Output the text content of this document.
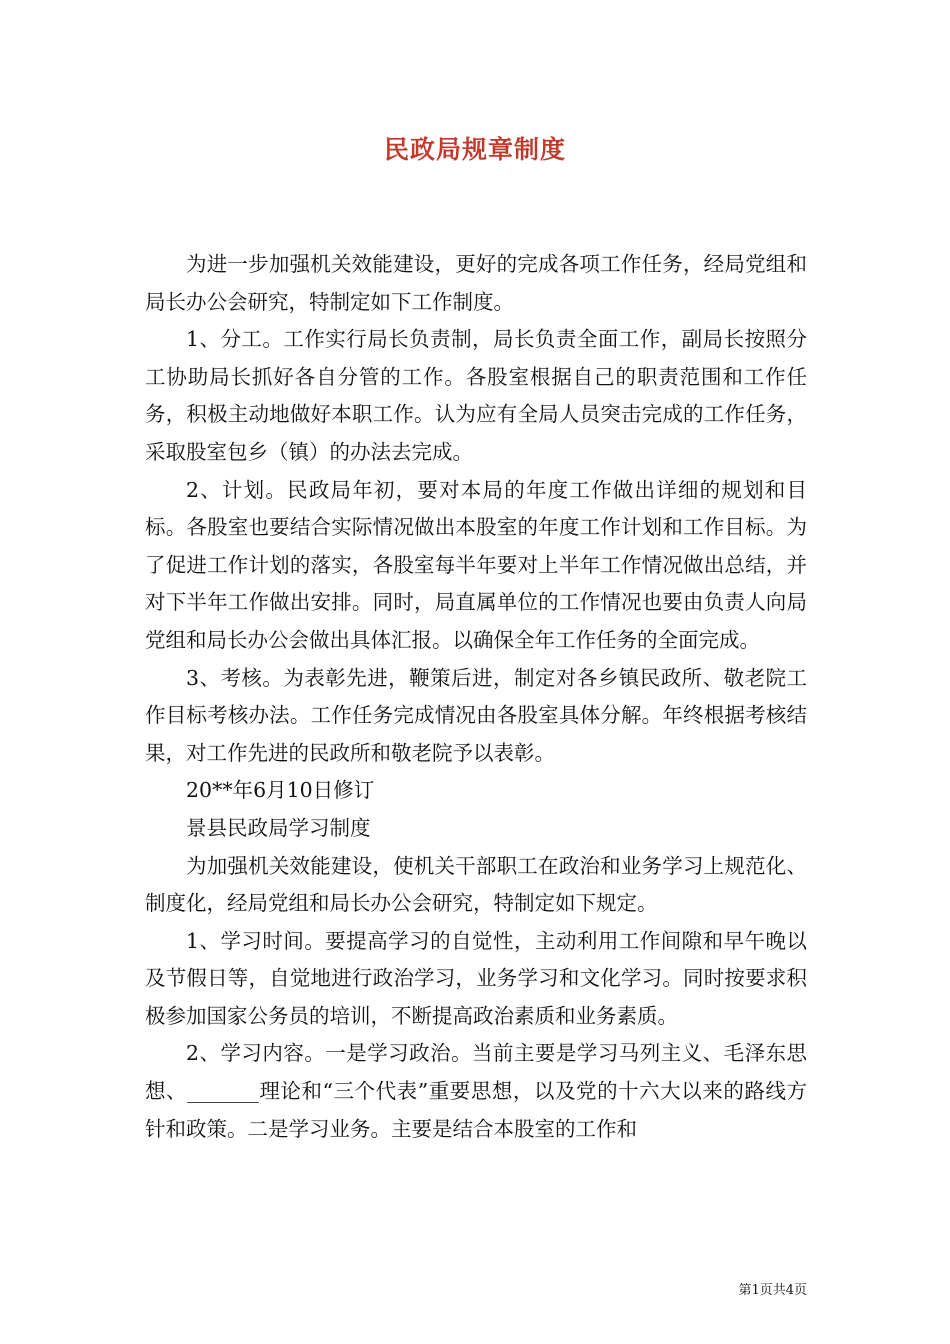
民政局规章制度

为进一步加强机关效能建设，更好的完成各项工作任务，经局党组和局长办公会研究，特制定如下工作制度。

1、分工。工作实行局长负责制，局长负责全面工作，副局长按照分工协助局长抓好各自分管的工作。各股室根据自己的职责范围和工作任务，积极主动地做好本职工作。认为应有全局人员突击完成的工作任务，采取股室包乡（镇）的办法去完成。

2、计划。民政局年初，要对本局的年度工作做出详细的规划和目标。各股室也要结合实际情况做出本股室的年度工作计划和工作目标。为了促进工作计划的落实，各股室每半年要对上半年工作情况做出总结，并对下半年工作做出安排。同时，局直属单位的工作情况也要由负责人向局党组和局长办公会做出具体汇报。以确保全年工作任务的全面完成。

3、考核。为表彰先进，鞭策后进，制定对各乡镇民政所、敬老院工作目标考核办法。工作任务完成情况由各股室具体分解。年终根据考核结果，对工作先进的民政所和敬老院予以表彰。

20**年6月10日修订

景县民政局学习制度

为加强机关效能建设，使机关干部职工在政治和业务学习上规范化、制度化，经局党组和局长办公会研究，特制定如下规定。

1、学习时间。要提高学习的自觉性，主动利用工作间隙和早午晚以及节假日等，自觉地进行政治学习，业务学习和文化学习。同时按要求积极参加国家公务员的培训，不断提高政治素质和业务素质。

2、学习内容。一是学习政治。当前主要是学习马列主义、毛泽东思想、_______理论和“三个代表”重要思想，以及党的十六大以来的路线方针和政策。二是学习业务。主要是结合本股室的工作和

第1页共4页
